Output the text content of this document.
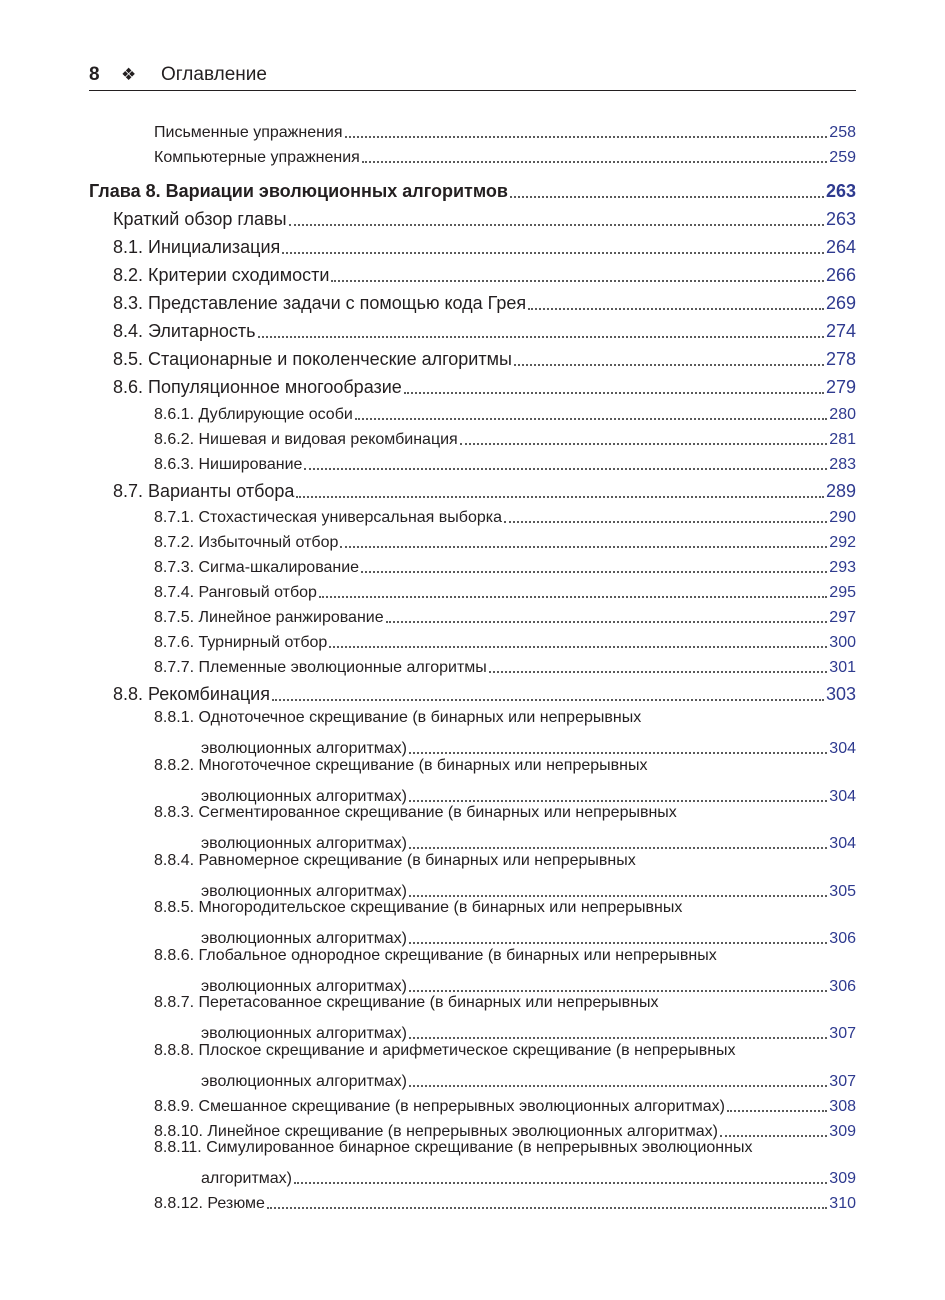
8 ❖ Оглавление
Письменные упражнения	258
Компьютерные упражнения	259
Глава 8. Вариации эволюционных алгоритмов	263
Краткий обзор главы	263
8.1. Инициализация	264
8.2. Критерии сходимости	266
8.3. Представление задачи с помощью кода Грея	269
8.4. Элитарность	274
8.5. Стационарные и поколенческие алгоритмы	278
8.6. Популяционное многообразие	279
8.6.1. Дублирующие особи	280
8.6.2. Нишевая и видовая рекомбинация	281
8.6.3. Ниширование	283
8.7. Варианты отбора	289
8.7.1. Стохастическая универсальная выборка	290
8.7.2. Избыточный отбор	292
8.7.3. Сигма-шкалирование	293
8.7.4. Ранговый отбор	295
8.7.5. Линейное ранжирование	297
8.7.6. Турнирный отбор	300
8.7.7. Племенные эволюционные алгоритмы	301
8.8. Рекомбинация	303
8.8.1. Одноточечное скрещивание (в бинарных или непрерывных
эволюционных алгоритмах)	304
8.8.2. Многоточечное скрещивание (в бинарных или непрерывных
эволюционных алгоритмах)	304
8.8.3. Сегментированное скрещивание (в бинарных или непрерывных
эволюционных алгоритмах)	304
8.8.4. Равномерное скрещивание (в бинарных или непрерывных
эволюционных алгоритмах)	305
8.8.5. Многородительское скрещивание (в бинарных или непрерывных
эволюционных алгоритмах)	306
8.8.6. Глобальное однородное скрещивание (в бинарных или непрерывных
эволюционных алгоритмах)	306
8.8.7. Перетасованное скрещивание (в бинарных или непрерывных
эволюционных алгоритмах)	307
8.8.8. Плоское скрещивание и арифметическое скрещивание (в непрерывных
эволюционных алгоритмах)	307
8.8.9. Смешанное скрещивание (в непрерывных эволюционных алгоритмах)	308
8.8.10. Линейное скрещивание (в непрерывных эволюционных алгоритмах)	309
8.8.11. Симулированное бинарное скрещивание (в непрерывных эволюционных
алгоритмах)	309
8.8.12. Резюме	310
